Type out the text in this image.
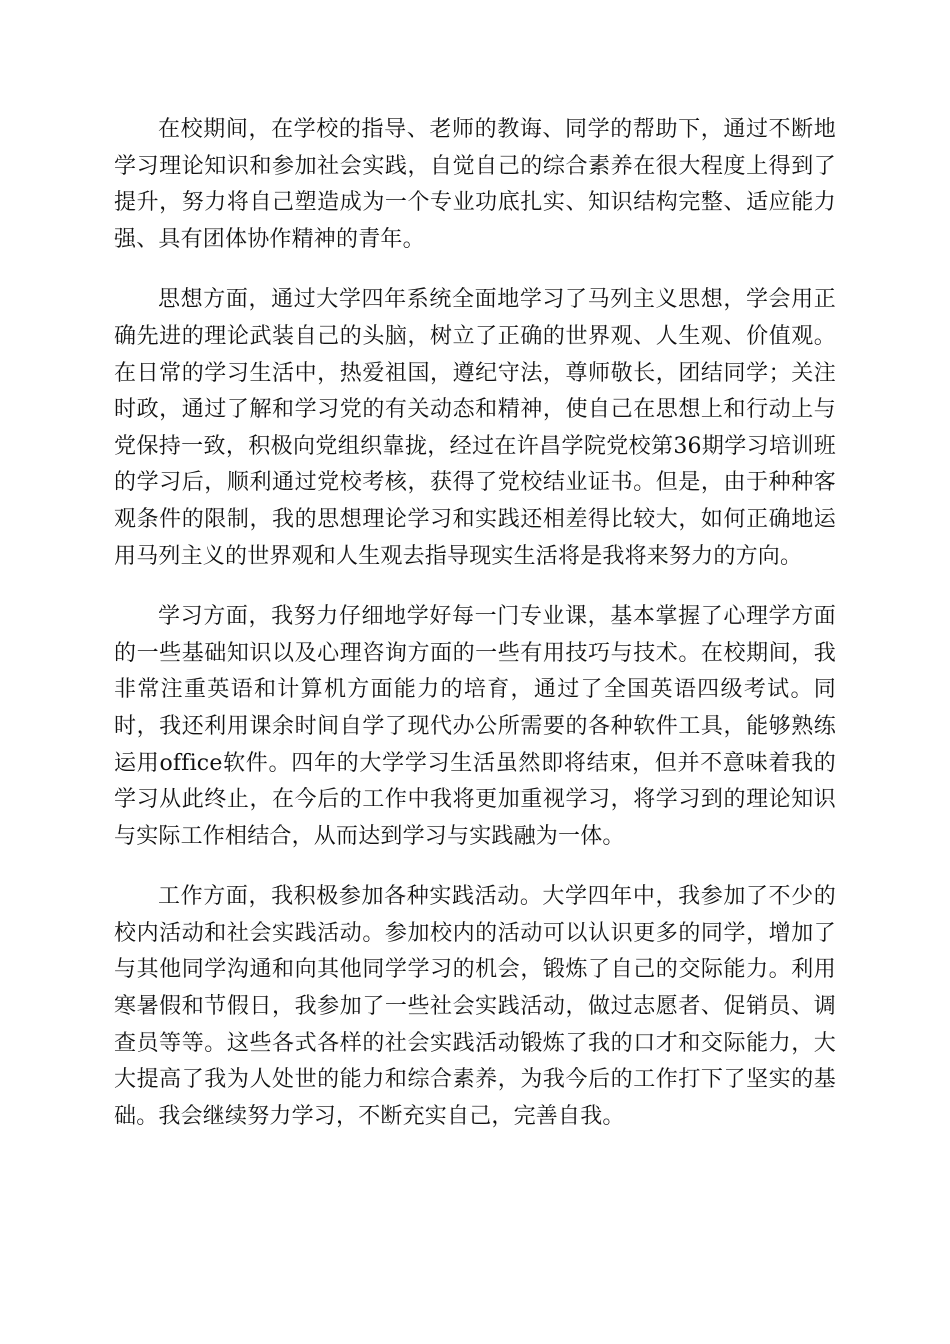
在校期间，在学校的指导、老师的教诲、同学的帮助下，通过不断地学习理论知识和参加社会实践，自觉自己的综合素养在很大程度上得到了提升，努力将自己塑造成为一个专业功底扎实、知识结构完整、适应能力强、具有团体协作精神的青年。

思想方面，通过大学四年系统全面地学习了马列主义思想，学会用正确先进的理论武装自己的头脑，树立了正确的世界观、人生观、价值观。在日常的学习生活中，热爱祖国，遵纪守法，尊师敬长，团结同学；关注时政，通过了解和学习党的有关动态和精神，使自己在思想上和行动上与党保持一致，积极向党组织靠拢，经过在许昌学院党校第36期学习培训班的学习后，顺利通过党校考核，获得了党校结业证书。但是，由于种种客观条件的限制，我的思想理论学习和实践还相差得比较大，如何正确地运用马列主义的世界观和人生观去指导现实生活将是我将来努力的方向。

学习方面，我努力仔细地学好每一门专业课，基本掌握了心理学方面的一些基础知识以及心理咨询方面的一些有用技巧与技术。在校期间，我非常注重英语和计算机方面能力的培育，通过了全国英语四级考试。同时，我还利用课余时间自学了现代办公所需要的各种软件工具，能够熟练运用office软件。四年的大学学习生活虽然即将结束，但并不意味着我的学习从此终止，在今后的工作中我将更加重视学习，将学习到的理论知识与实际工作相结合，从而达到学习与实践融为一体。

工作方面，我积极参加各种实践活动。大学四年中，我参加了不少的校内活动和社会实践活动。参加校内的活动可以认识更多的同学，增加了与其他同学沟通和向其他同学学习的机会，锻炼了自己的交际能力。利用寒暑假和节假日，我参加了一些社会实践活动，做过志愿者、促销员、调查员等等。这些各式各样的社会实践活动锻炼了我的口才和交际能力，大大提高了我为人处世的能力和综合素养，为我今后的工作打下了坚实的基础。我会继续努力学习，不断充实自己，完善自我。
